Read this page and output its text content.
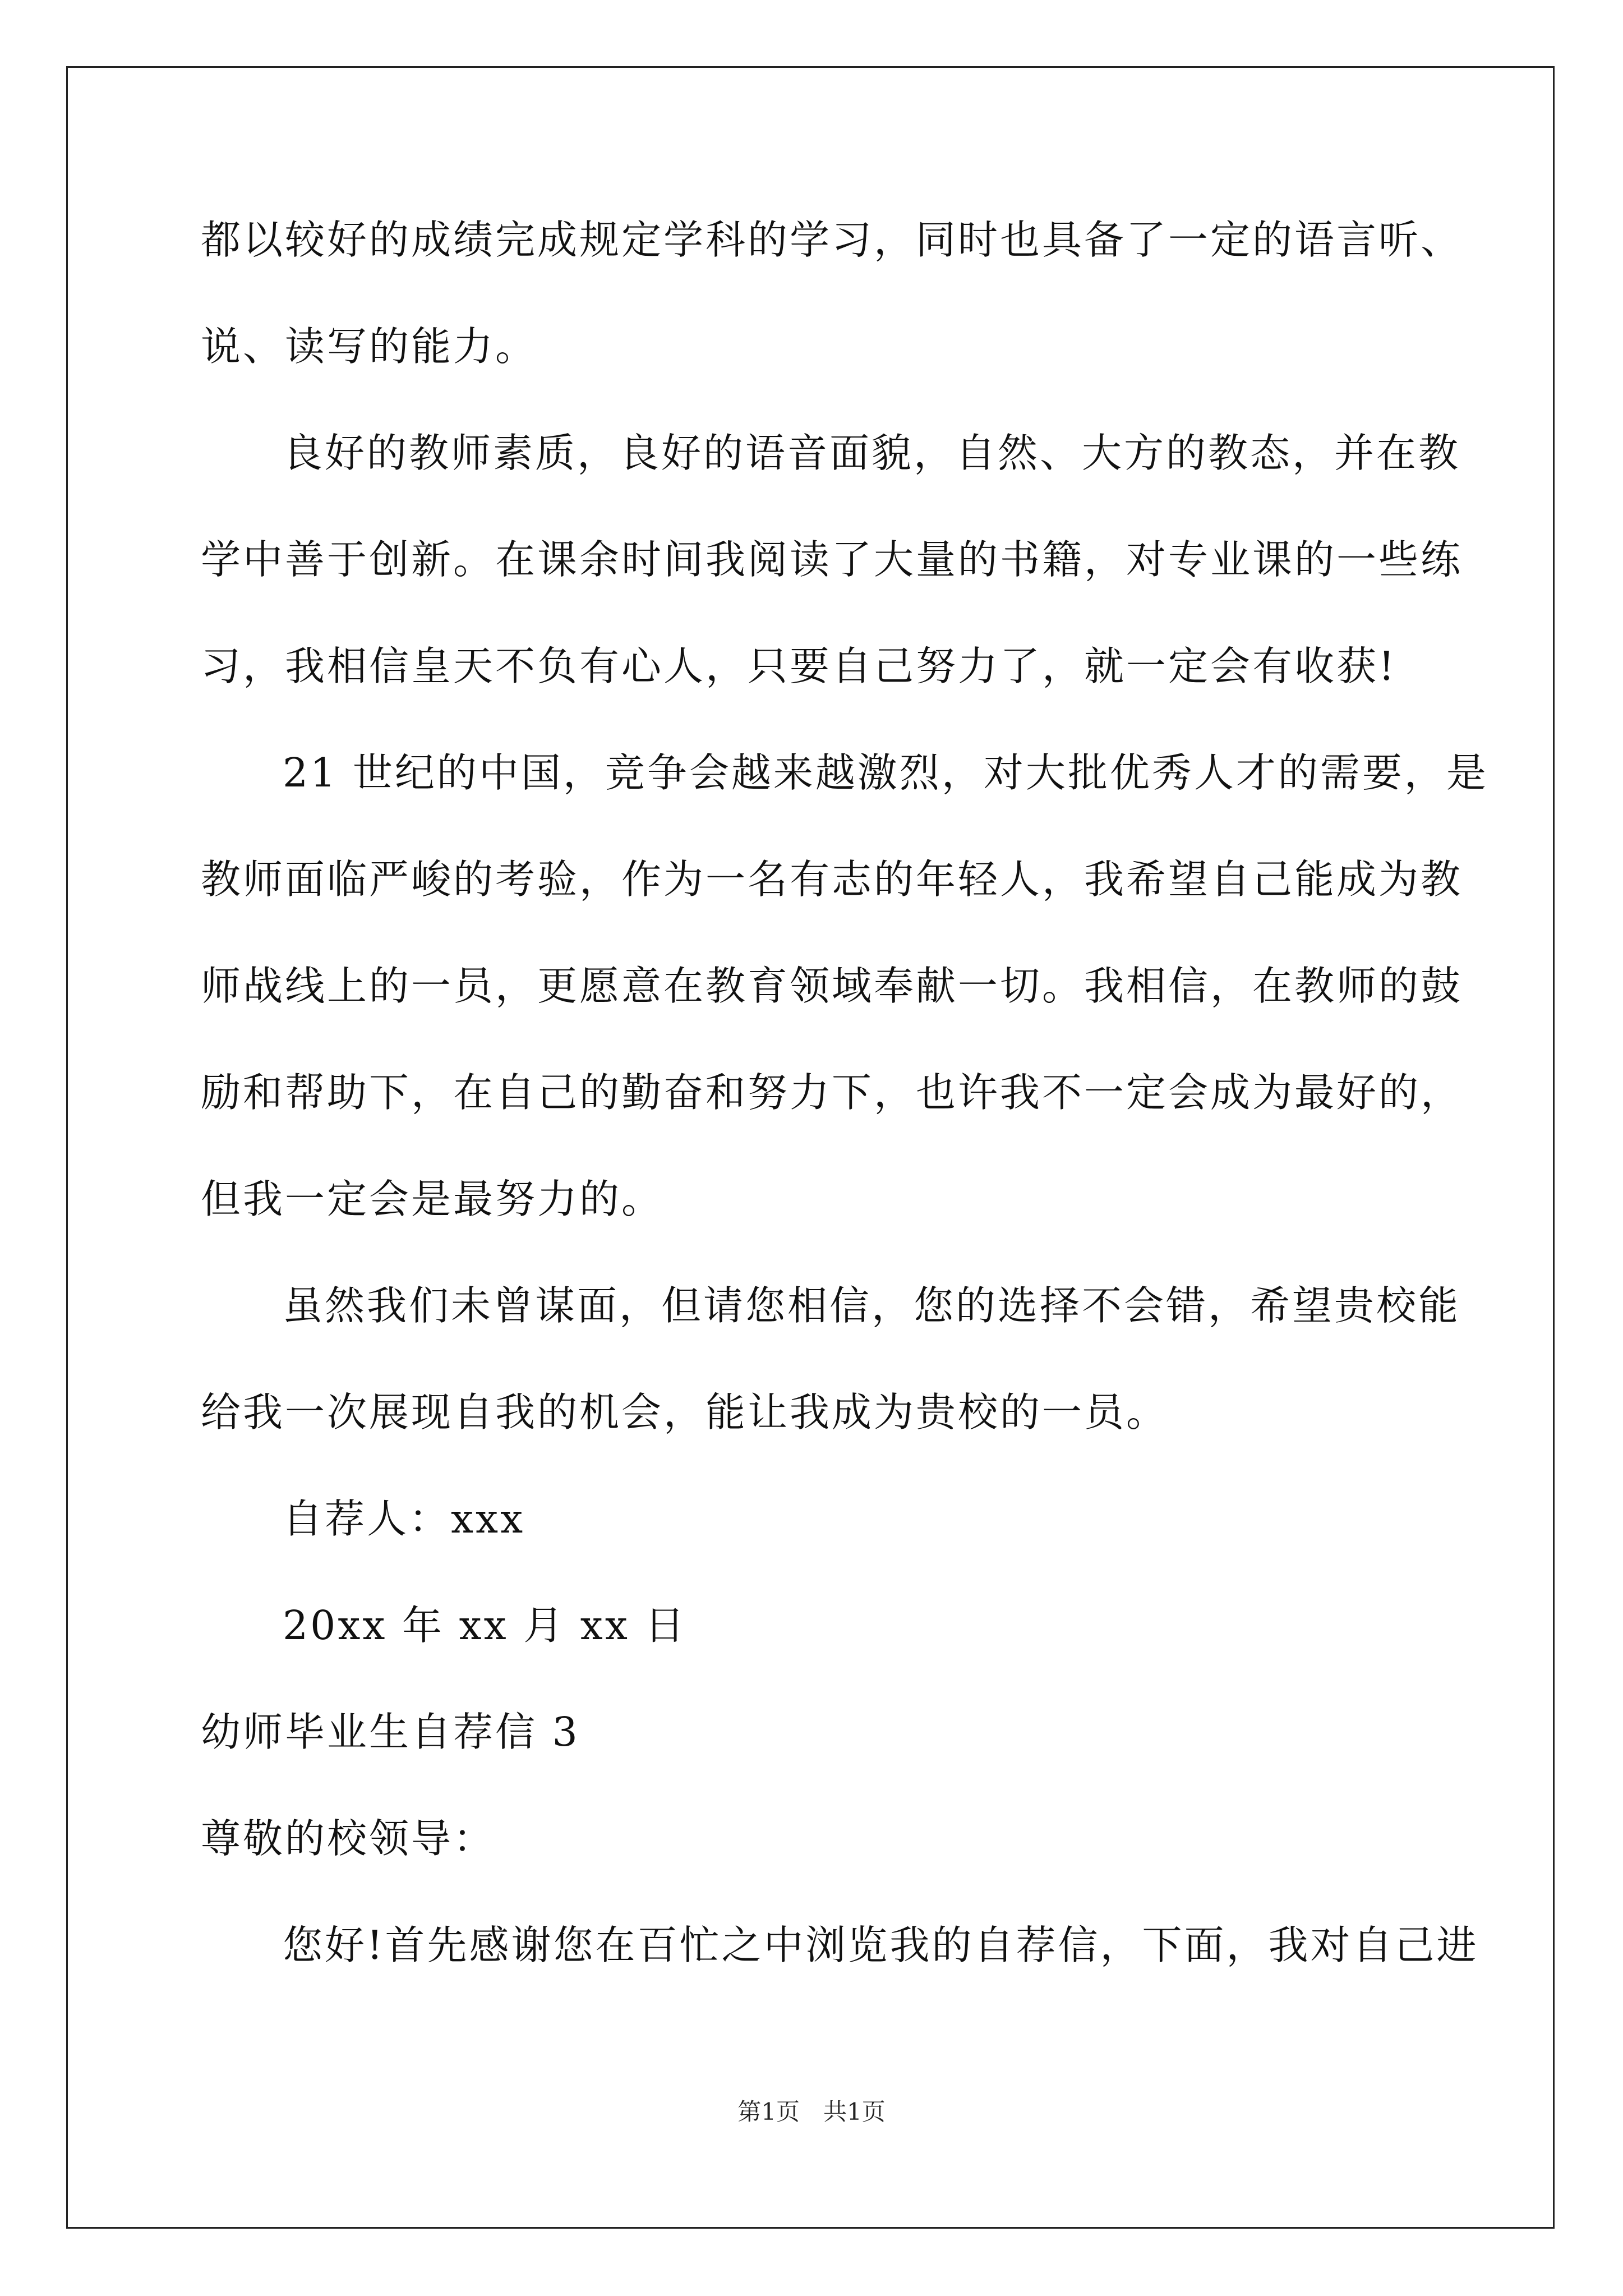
都以较好的成绩完成规定学科的学习，同时也具备了一定的语言听、
说、读写的能力。
良好的教师素质，良好的语音面貌，自然、大方的教态，并在教
学中善于创新。在课余时间我阅读了大量的书籍，对专业课的一些练
习，我相信皇天不负有心人，只要自己努力了，就一定会有收获!
21 世纪的中国，竞争会越来越激烈，对大批优秀人才的需要，是
教师面临严峻的考验，作为一名有志的年轻人，我希望自己能成为教
师战线上的一员，更愿意在教育领域奉献一切。我相信，在教师的鼓
励和帮助下，在自己的勤奋和努力下，也许我不一定会成为最好的，
但我一定会是最努力的。
虽然我们未曾谋面，但请您相信，您的选择不会错，希望贵校能
给我一次展现自我的机会，能让我成为贵校的一员。
自荐人：xxx
20xx 年 xx 月 xx 日
幼师毕业生自荐信 3
尊敬的校领导：
您好!首先感谢您在百忙之中浏览我的自荐信，下面，我对自己进
第1页　共1页
